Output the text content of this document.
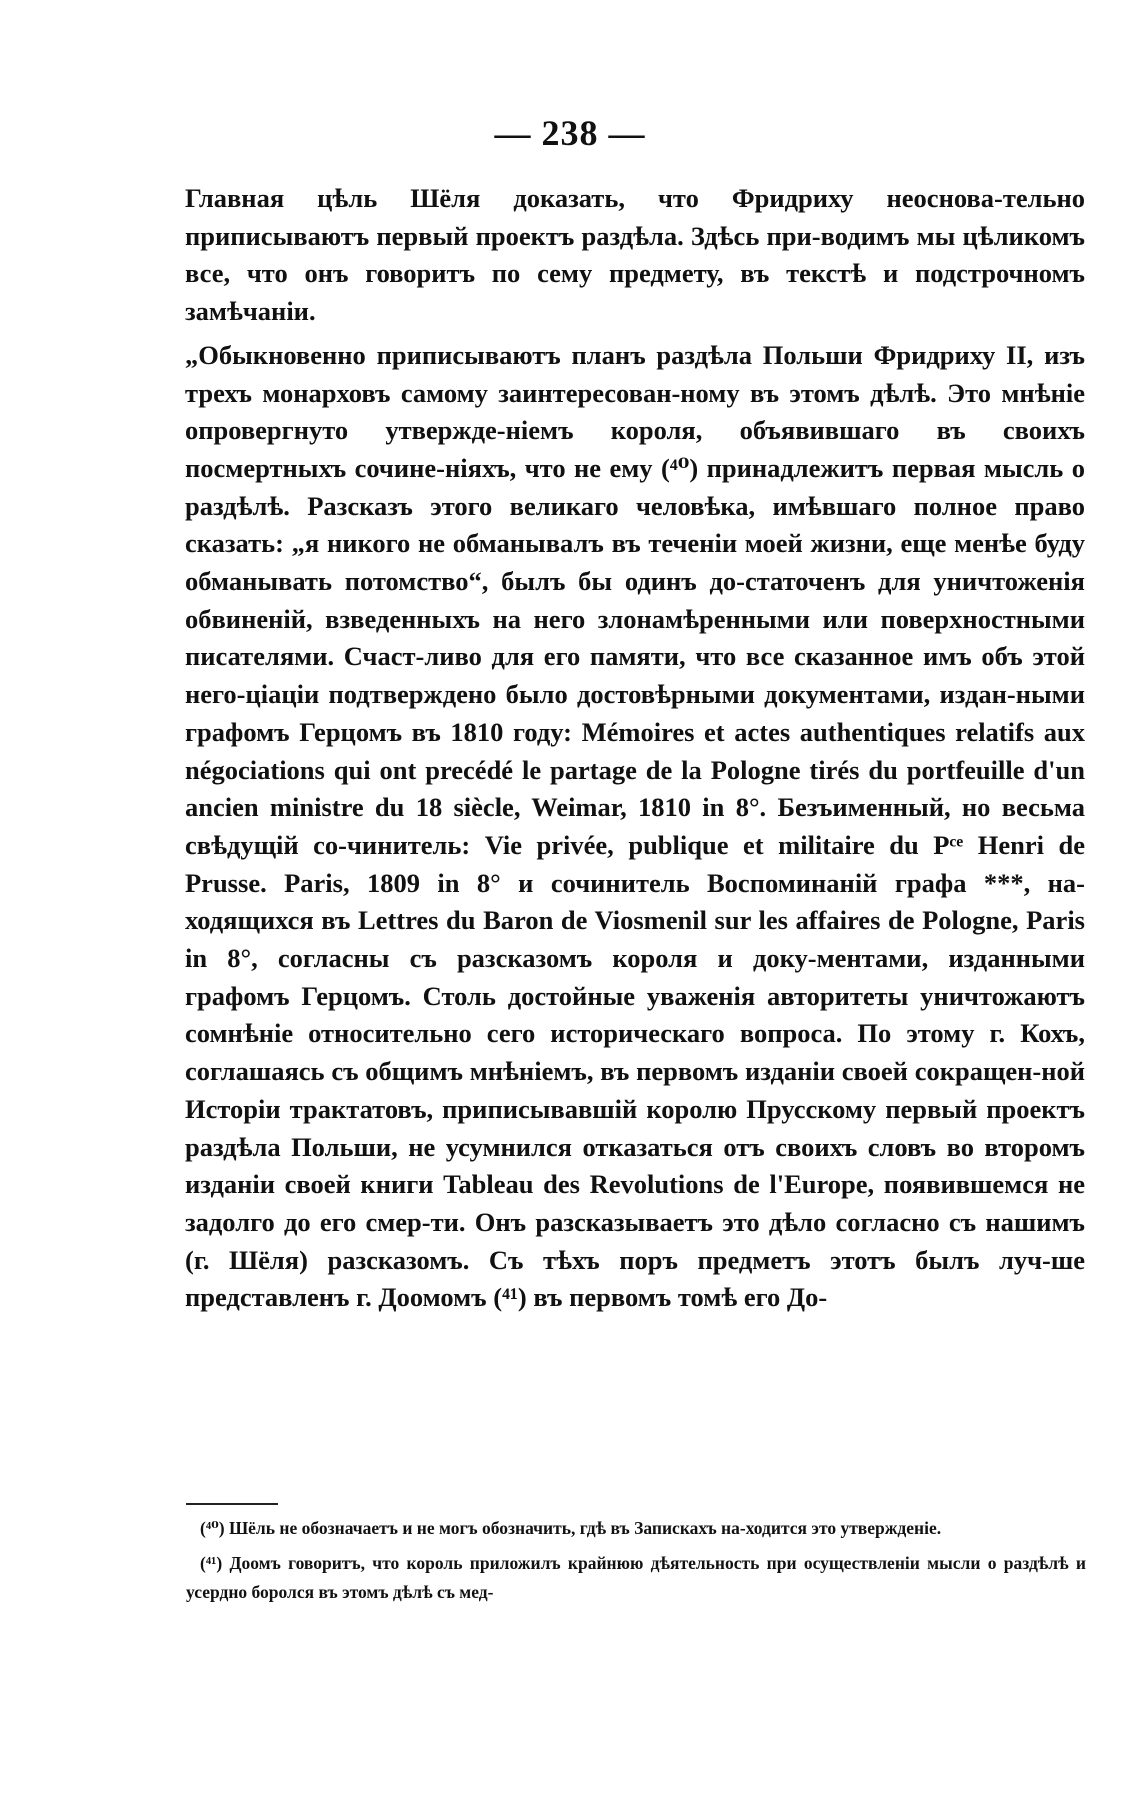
— 238 —

Главная цѣль Шёля доказать, что Фридриху неоснова-тельно приписываютъ первый проектъ раздѣла. Здѣсь при-водимъ мы цѣликомъ все, что онъ говоритъ по сему предмету, въ текстѣ и подстрочномъ замѣчаніи.

„Обыкновенно приписываютъ планъ раздѣла Польши Фридриху II, изъ трехъ монарховъ самому заинтересован-ному въ этомъ дѣлѣ. Это мнѣніе опровергнуто утвержде-ніемъ короля, объявившаго въ своихъ посмертныхъ сочине-ніяхъ, что не ему (⁴⁰) принадлежитъ первая мысль о раздѣлѣ. Разсказъ этого великаго человѣка, имѣвшаго полное право сказать: „я никого не обманывалъ въ теченіи моей жизни, еще менѣе буду обманывать потомство“, былъ бы одинъ до-статоченъ для уничтоженія обвиненій, взведенныхъ на него злонамѣренными или поверхностными писателями. Счаст-ливо для его памяти, что все сказанное имъ объ этой него-ціаціи подтверждено было достовѣрными документами, издан-ными графомъ Герцомъ въ 1810 году: Mémoires et actes authentiques relatifs aux négociations qui ont precédé le partage de la Pologne tirés du portfeuille d'un ancien ministre du 18 siècle, Weimar, 1810 in 8°. Безъименный, но весьма свѣдущій со-чинитель: Vie privée, publique et militaire du Pᶜᵉ Henri de Prusse. Paris, 1809 in 8° и сочинитель Воспоминаній графа ***, на-ходящихся въ Lettres du Baron de Viosmenil sur les affaires de Pologne, Paris in 8°, согласны съ разсказомъ короля и доку-ментами, изданными графомъ Герцомъ. Столь достойные уваженія авторитеты уничтожаютъ сомнѣніе относительно сего историческаго вопроса. По этому г. Кохъ, соглашаясь съ общимъ мнѣніемъ, въ первомъ изданіи своей сокращен-ной Исторіи трактатовъ, приписывавшій королю Прусскому первый проектъ раздѣла Польши, не усумнился отказаться отъ своихъ словъ во второмъ изданіи своей книги Tableau des Revolutions de l'Europe, появившемся не задолго до его смер-ти. Онъ разсказываетъ это дѣло согласно съ нашимъ (г. Шёля) разсказомъ. Съ тѣхъ поръ предметъ этотъ былъ луч-ше представленъ г. Доомомъ (⁴¹) въ первомъ томѣ его До-

(⁴⁰) Шёль не обозначаетъ и не могъ обозначить, гдѣ въ Запискахъ на-ходится это утвержденіе.

(⁴¹) Доомъ говоритъ, что король приложилъ крайнюю дѣятельность при осуществленіи мысли о раздѣлѣ и усердно боролся въ этомъ дѣлѣ съ мед-
